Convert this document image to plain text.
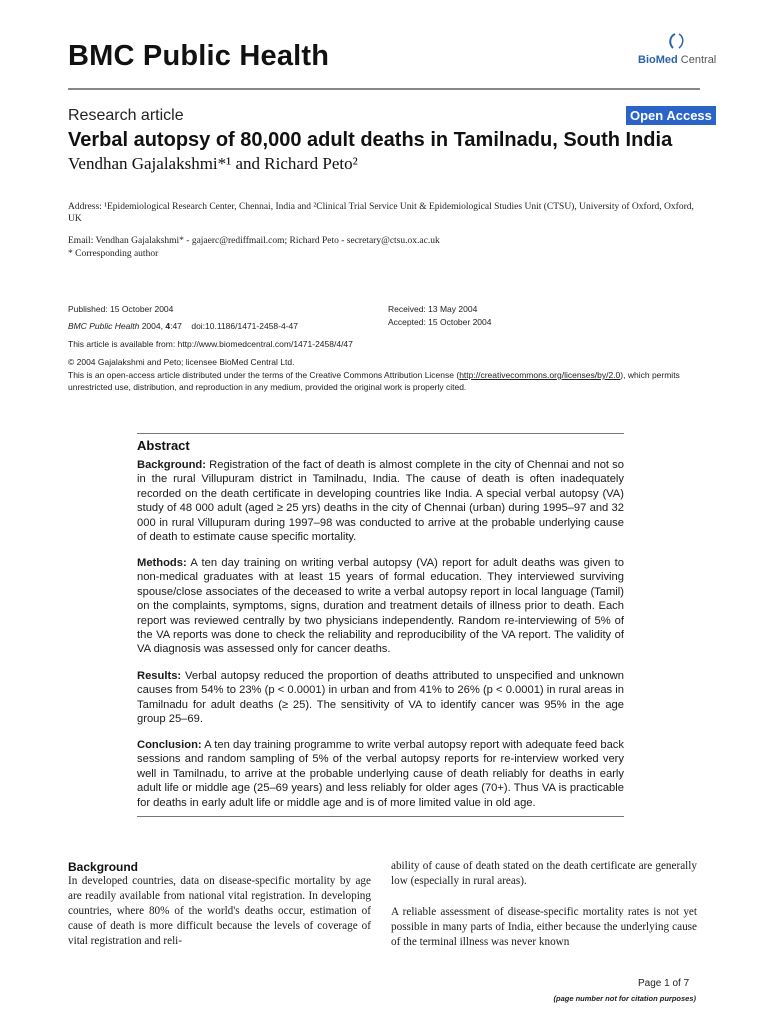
BMC Public Health	BioMed Central
Research article	Open Access
Verbal autopsy of 80,000 adult deaths in Tamilnadu, South India
Vendhan Gajalakshmi*¹ and Richard Peto²
Address: ¹Epidemiological Research Center, Chennai, India and ²Clinical Trial Service Unit & Epidemiological Studies Unit (CTSU), University of Oxford, Oxford, UK
Email: Vendhan Gajalakshmi* - gajaerc@rediffmail.com; Richard Peto - secretary@ctsu.ox.ac.uk
* Corresponding author
Published: 15 October 2004
BMC Public Health 2004, 4:47    doi:10.1186/1471-2458-4-47
Received: 13 May 2004
Accepted: 15 October 2004
This article is available from: http://www.biomedcentral.com/1471-2458/4/47
© 2004 Gajalakshmi and Peto; licensee BioMed Central Ltd.
This is an open-access article distributed under the terms of the Creative Commons Attribution License (http://creativecommons.org/licenses/by/2.0), which permits unrestricted use, distribution, and reproduction in any medium, provided the original work is properly cited.
Abstract
Background: Registration of the fact of death is almost complete in the city of Chennai and not so in the rural Villupuram district in Tamilnadu, India. The cause of death is often inadequately recorded on the death certificate in developing countries like India. A special verbal autopsy (VA) study of 48 000 adult (aged ≥ 25 yrs) deaths in the city of Chennai (urban) during 1995–97 and 32 000 in rural Villupuram during 1997–98 was conducted to arrive at the probable underlying cause of death to estimate cause specific mortality.
Methods: A ten day training on writing verbal autopsy (VA) report for adult deaths was given to non-medical graduates with at least 15 years of formal education. They interviewed surviving spouse/close associates of the deceased to write a verbal autopsy report in local language (Tamil) on the complaints, symptoms, signs, duration and treatment details of illness prior to death. Each report was reviewed centrally by two physicians independently. Random re-interviewing of 5% of the VA reports was done to check the reliability and reproducibility of the VA report. The validity of VA diagnosis was assessed only for cancer deaths.
Results: Verbal autopsy reduced the proportion of deaths attributed to unspecified and unknown causes from 54% to 23% (p < 0.0001) in urban and from 41% to 26% (p < 0.0001) in rural areas in Tamilnadu for adult deaths (≥ 25). The sensitivity of VA to identify cancer was 95% in the age group 25–69.
Conclusion: A ten day training programme to write verbal autopsy report with adequate feed back sessions and random sampling of 5% of the verbal autopsy reports for re-interview worked very well in Tamilnadu, to arrive at the probable underlying cause of death reliably for deaths in early adult life or middle age (25–69 years) and less reliably for older ages (70+). Thus VA is practicable for deaths in early adult life or middle age and is of more limited value in old age.
Background
In developed countries, data on disease-specific mortality by age are readily available from national vital registration. In developing countries, where 80% of the world's deaths occur, estimation of cause of death is more difficult because the levels of coverage of vital registration and reli-
ability of cause of death stated on the death certificate are generally low (especially in rural areas).
A reliable assessment of disease-specific mortality rates is not yet possible in many parts of India, either because the underlying cause of the terminal illness was never known
Page 1 of 7
(page number not for citation purposes)
